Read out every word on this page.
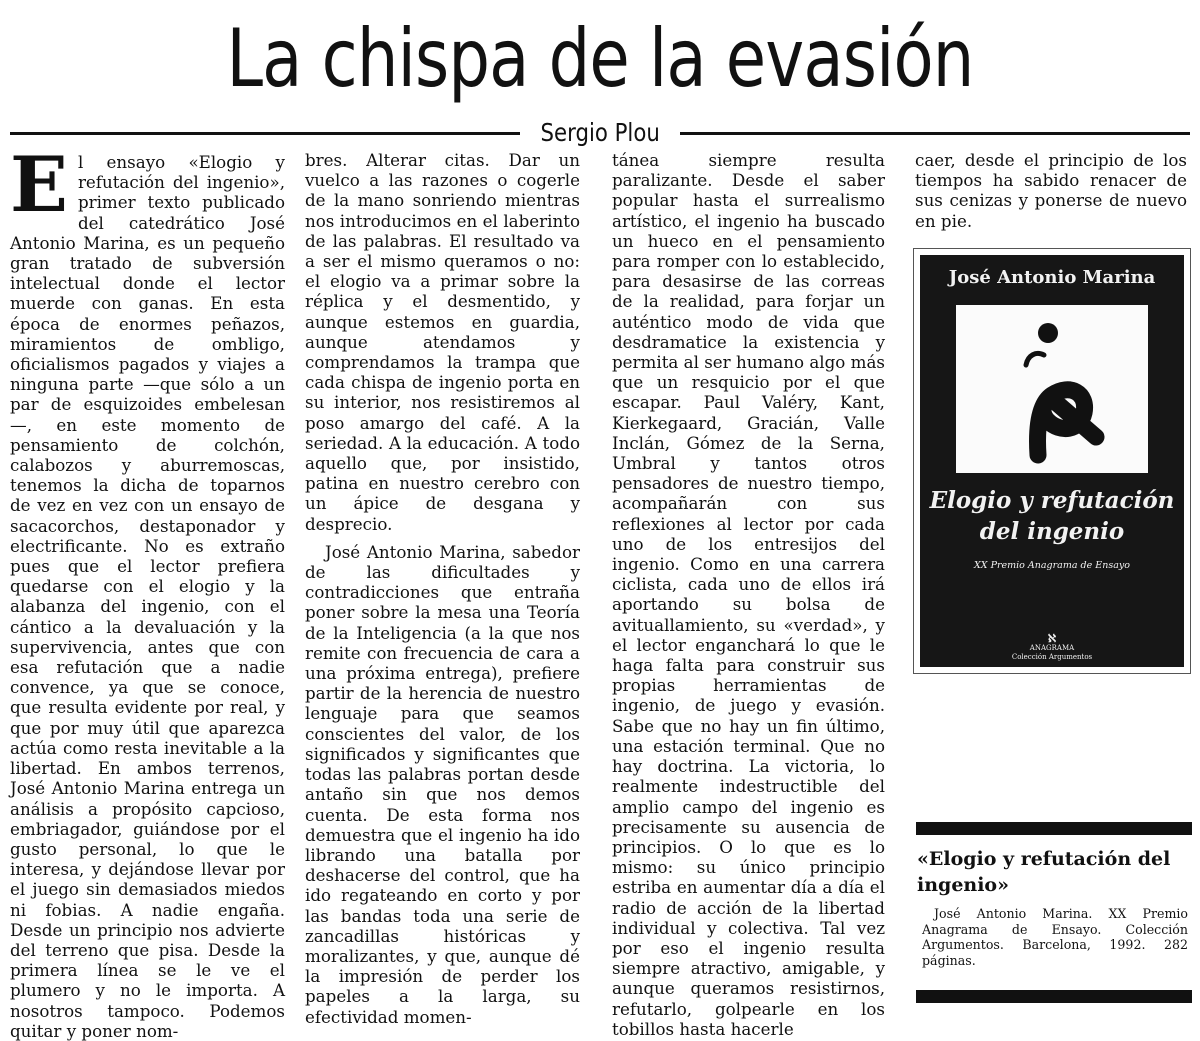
La chispa de la evasión
Sergio Plou

El ensayo «Elogio y refutación del ingenio», primer texto publicado del catedrático José Antonio Marina, es un pequeño gran tratado de subversión intelectual donde el lector muerde con ganas. En esta época de enormes peñazos, miramientos de ombligo, oficialismos pagados y viajes a ninguna parte —que sólo a un par de esquizoides embelesan—, en este momento de pensamiento de colchón, calabozos y aburremoscas, tenemos la dicha de toparnos de vez en vez con un ensayo de sacacorchos, destaponador y electrificante. No es extraño pues que el lector prefiera quedarse con el elogio y la alabanza del ingenio, con el cántico a la devaluación y la supervivencia, antes que con esa refutación que a nadie convence, ya que se conoce, que resulta evidente por real, y que por muy útil que aparezca actúa como resta inevitable a la libertad. En ambos terrenos, José Antonio Marina entrega un análisis a propósito capcioso, embriagador, guiándose por el gusto personal, lo que le interesa, y dejándose llevar por el juego sin demasiados miedos ni fobias. A nadie engaña. Desde un principio nos advierte del terreno que pisa. Desde la primera línea se le ve el plumero y no le importa. A nosotros tampoco. Podemos quitar y poner nom-

bres. Alterar citas. Dar un vuelco a las razones o cogerle de la mano sonriendo mientras nos introducimos en el laberinto de las palabras. El resultado va a ser el mismo queramos o no: el elogio va a primar sobre la réplica y el desmentido, y aunque estemos en guardia, aunque atendamos y comprendamos la trampa que cada chispa de ingenio porta en su interior, nos resistiremos al poso amargo del café. A la seriedad. A la educación. A todo aquello que, por insistido, patina en nuestro cerebro con un ápice de desgana y desprecio.

José Antonio Marina, sabedor de las dificultades y contradicciones que entraña poner sobre la mesa una Teoría de la Inteligencia (a la que nos remite con frecuencia de cara a una próxima entrega), prefiere partir de la herencia de nuestro lenguaje para que seamos conscientes del valor, de los significados y significantes que todas las palabras portan desde antaño sin que nos demos cuenta. De esta forma nos demuestra que el ingenio ha ido librando una batalla por deshacerse del control, que ha ido regateando en corto y por las bandas toda una serie de zancadillas históricas y moralizantes, y que, aunque dé la impresión de perder los papeles a la larga, su efectividad momen-

tánea siempre resulta paralizante. Desde el saber popular hasta el surrealismo artístico, el ingenio ha buscado un hueco en el pensamiento para romper con lo establecido, para desasirse de las correas de la realidad, para forjar un auténtico modo de vida que desdramatice la existencia y permita al ser humano algo más que un resquicio por el que escapar. Paul Valéry, Kant, Kierkegaard, Gracián, Valle Inclán, Gómez de la Serna, Umbral y tantos otros pensadores de nuestro tiempo, acompañarán con sus reflexiones al lector por cada uno de los entresijos del ingenio. Como en una carrera ciclista, cada uno de ellos irá aportando su bolsa de avituallamiento, su «verdad», y el lector enganchará lo que le haga falta para construir sus propias herramientas de ingenio, de juego y evasión. Sabe que no hay un fin último, una estación terminal. Que no hay doctrina. La victoria, lo realmente indestructible del amplio campo del ingenio es precisamente su ausencia de principios. O lo que es lo mismo: su único principio estriba en aumentar día a día el radio de acción de la libertad individual y colectiva. Tal vez por eso el ingenio resulta siempre atractivo, amigable, y aunque queramos resistirnos, refutarlo, golpearle en los tobillos hasta hacerle

caer, desde el principio de los tiempos ha sabido renacer de sus cenizas y ponerse de nuevo en pie.

José Antonio Marina
Elogio y refutación
del ingenio
XX Premio Anagrama de Ensayo
ℵ
ANAGRAMA
Colección Argumentos
«Elogio y refutación del ingenio»
José Antonio Marina. XX Premio Anagrama de Ensayo. Colección Argumentos. Barcelona, 1992. 282 páginas.
